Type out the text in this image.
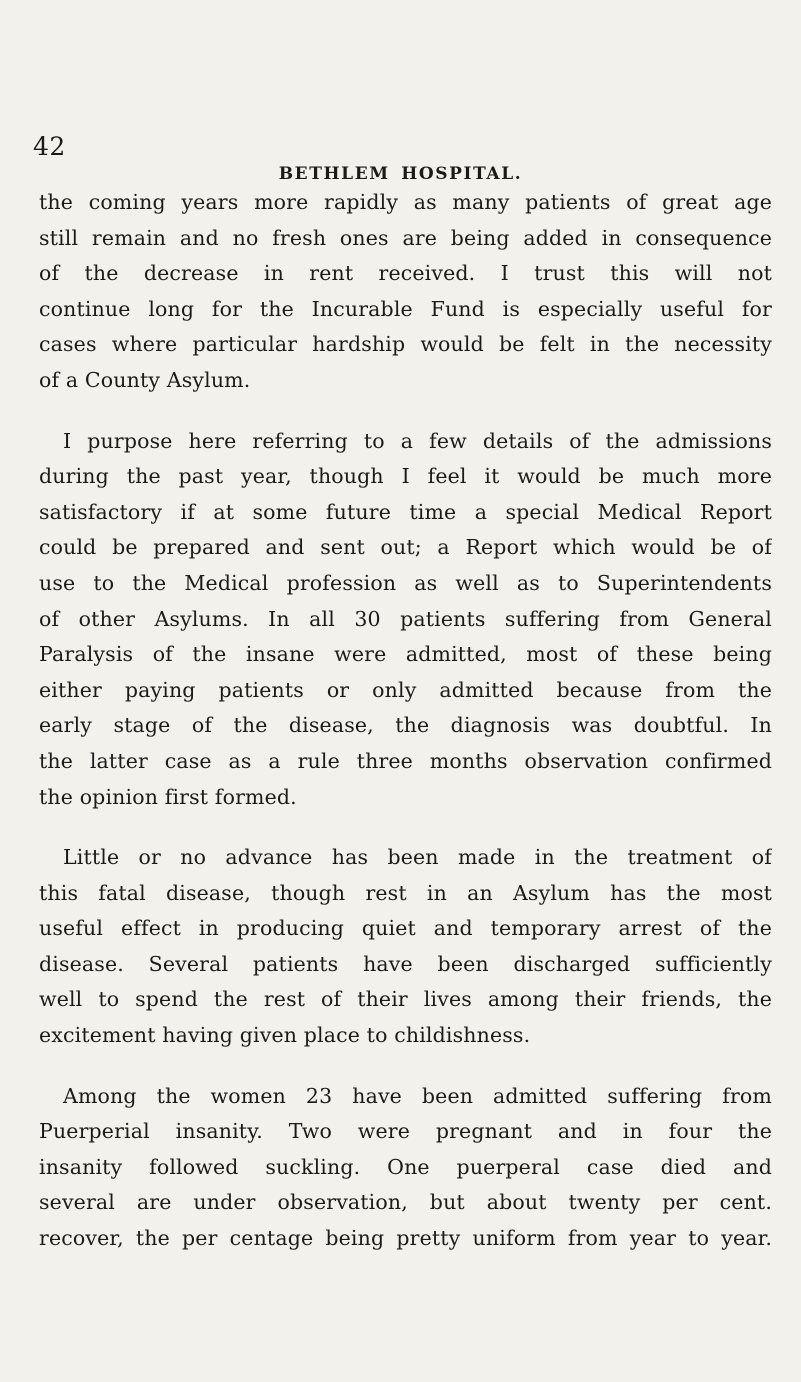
42
BETHLEM HOSPITAL.

the coming years more rapidly as many patients of great age
still remain and no fresh ones are being added in consequence
of the decrease in rent received. I trust this will not
continue long for the Incurable Fund is especially useful for
cases where particular hardship would be felt in the necessity
of a County Asylum.

I purpose here referring to a few details of the admissions
during the past year, though I feel it would be much more
satisfactory if at some future time a special Medical Report
could be prepared and sent out; a Report which would be of
use to the Medical profession as well as to Superintendents
of other Asylums. In all 30 patients suffering from General
Paralysis of the insane were admitted, most of these being
either paying patients or only admitted because from the
early stage of the disease, the diagnosis was doubtful. In
the latter case as a rule three months observation confirmed
the opinion first formed.

Little or no advance has been made in the treatment of
this fatal disease, though rest in an Asylum has the most
useful effect in producing quiet and temporary arrest of the
disease. Several patients have been discharged sufficiently
well to spend the rest of their lives among their friends, the
excitement having given place to childishness.

Among the women 23 have been admitted suffering from
Puerperial insanity. Two were pregnant and in four the
insanity followed suckling. One puerperal case died and
several are under observation, but about twenty per cent.
recover, the per centage being pretty uniform from year to year.
